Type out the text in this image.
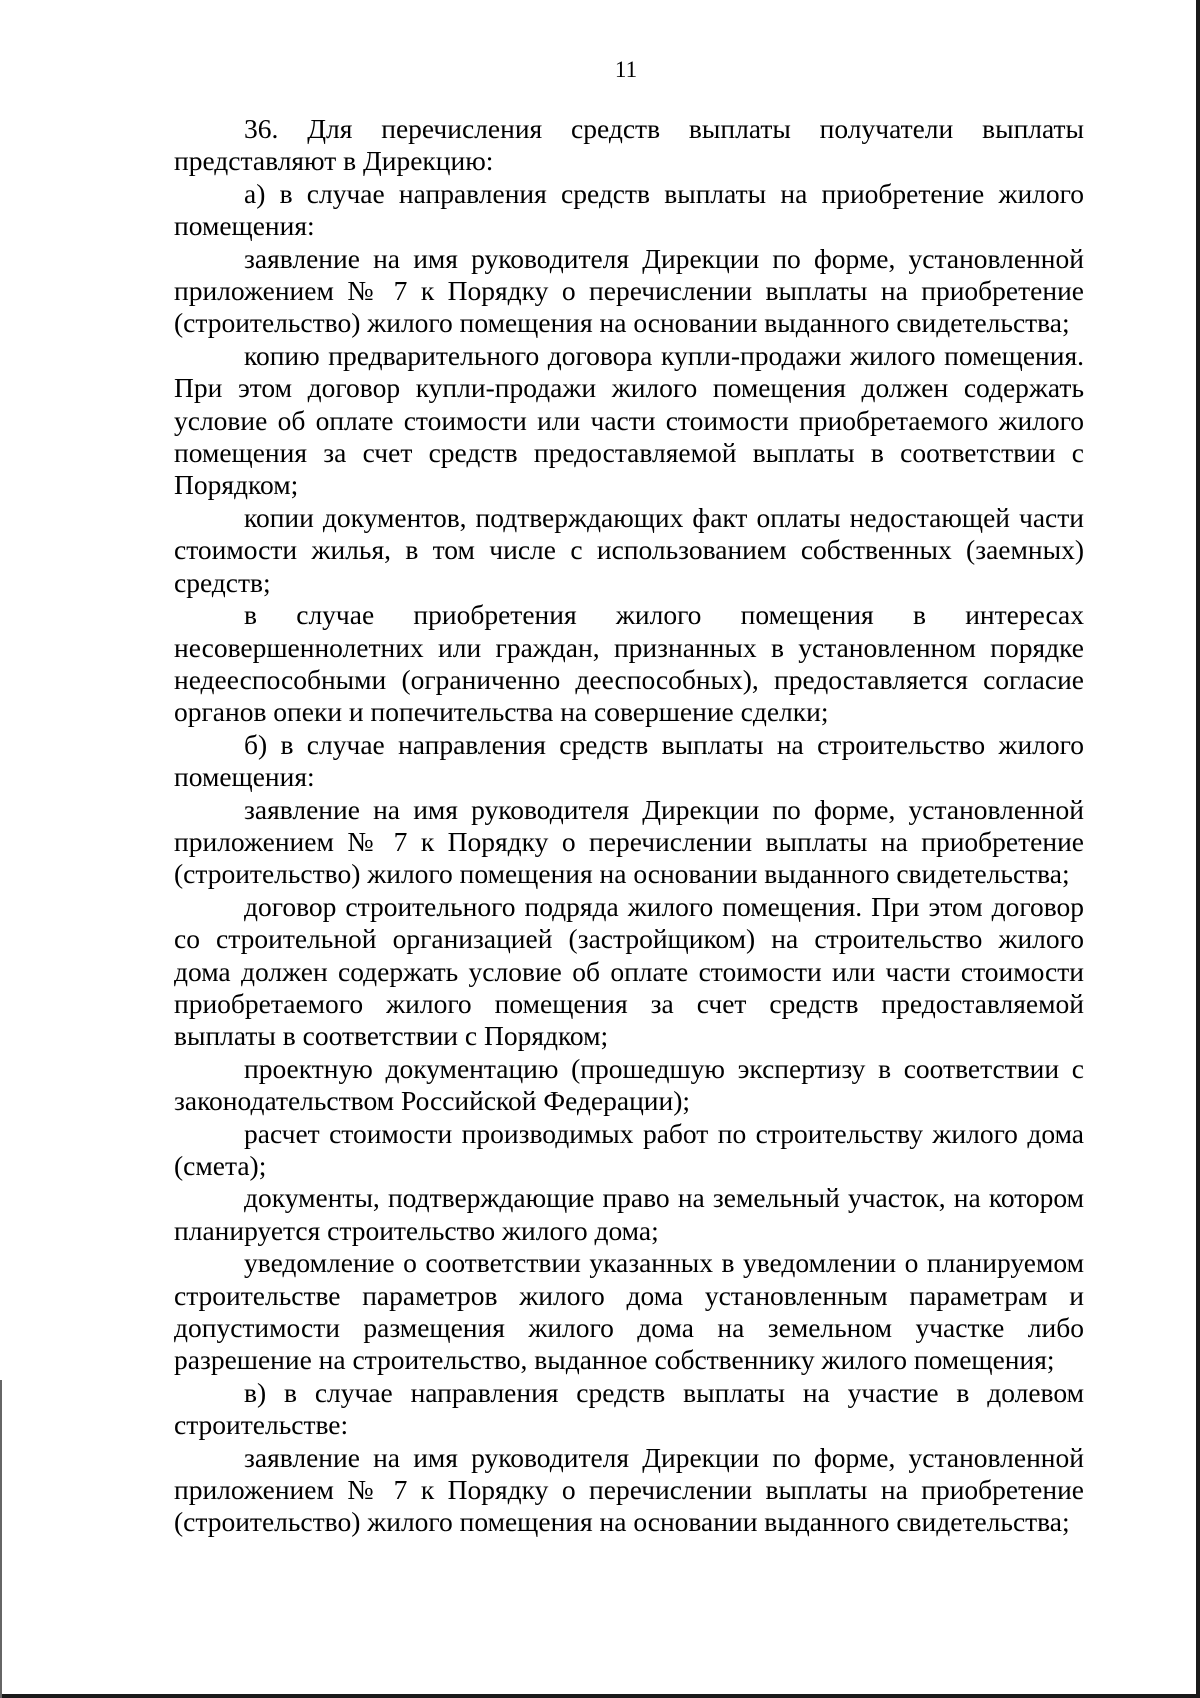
11

36. Для перечисления средств выплаты получатели выплаты представляют в Дирекцию:

а) в случае направления средств выплаты на приобретение жилого помещения:

заявление на имя руководителя Дирекции по форме, установленной приложением № 7 к Порядку о перечислении выплаты на приобретение (строительство) жилого помещения на основании выданного свидетельства;

копию предварительного договора купли-продажи жилого помещения. При этом договор купли-продажи жилого помещения должен содержать условие об оплате стоимости или части стоимости приобретаемого жилого помещения за счет средств предоставляемой выплаты в соответствии с Порядком;

копии документов, подтверждающих факт оплаты недостающей части стоимости жилья, в том числе с использованием собственных (заемных) средств;

в случае приобретения жилого помещения в интересах несовершеннолетних или граждан, признанных в установленном порядке недееспособными (ограниченно дееспособных), предоставляется согласие органов опеки и попечительства на совершение сделки;

б) в случае направления средств выплаты на строительство жилого помещения:

заявление на имя руководителя Дирекции по форме, установленной приложением № 7 к Порядку о перечислении выплаты на приобретение (строительство) жилого помещения на основании выданного свидетельства;

договор строительного подряда жилого помещения. При этом договор со строительной организацией (застройщиком) на строительство жилого дома должен содержать условие об оплате стоимости или части стоимости приобретаемого жилого помещения за счет средств предоставляемой выплаты в соответствии с Порядком;

проектную документацию (прошедшую экспертизу в соответствии с законодательством Российской Федерации);

расчет стоимости производимых работ по строительству жилого дома (смета);

документы, подтверждающие право на земельный участок, на котором планируется строительство жилого дома;

уведомление о соответствии указанных в уведомлении о планируемом строительстве параметров жилого дома установленным параметрам и допустимости размещения жилого дома на земельном участке либо разрешение на строительство, выданное собственнику жилого помещения;

в) в случае направления средств выплаты на участие в долевом строительстве:

заявление на имя руководителя Дирекции по форме, установленной приложением № 7 к Порядку о перечислении выплаты на приобретение (строительство) жилого помещения на основании выданного свидетельства;
